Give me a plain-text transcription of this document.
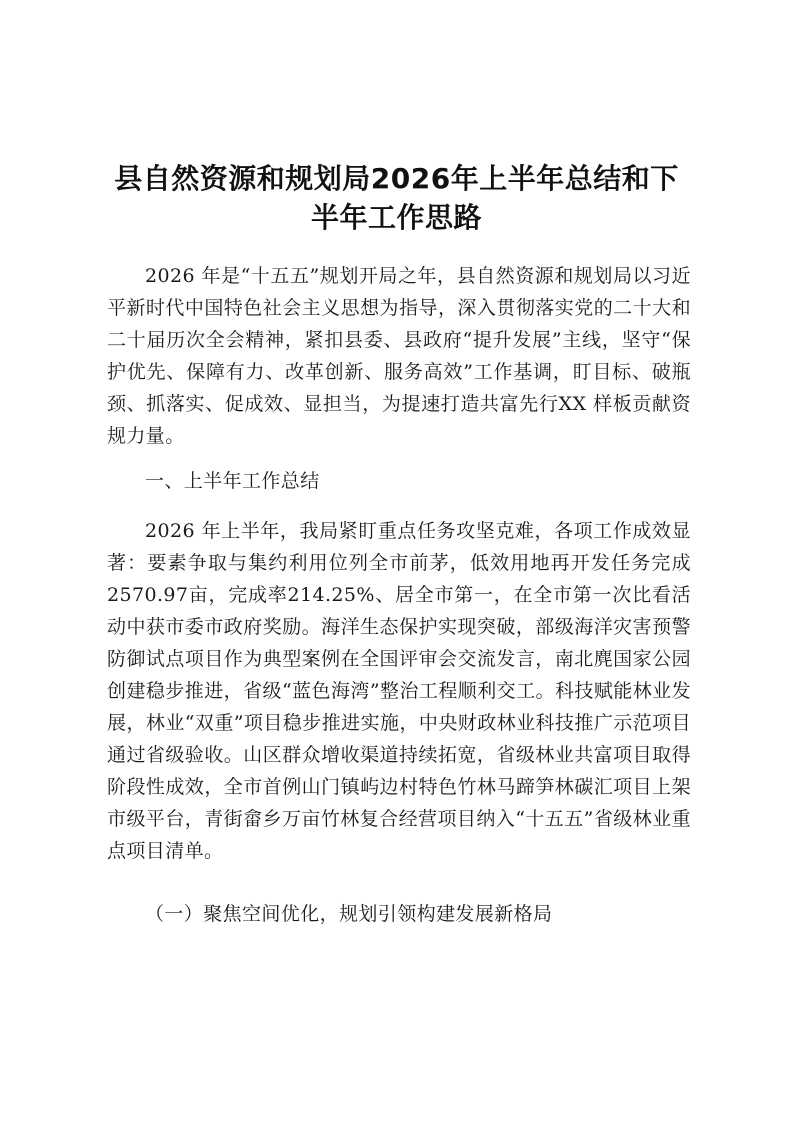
县自然资源和规划局2026年上半年总结和下
半年工作思路

2026 年是“十五五”规划开局之年，县自然资源和规划局以习近平新时代中国特色社会主义思想为指导，深入贯彻落实党的二十大和二十届历次全会精神，紧扣县委、县政府“提升发展”主线，坚守“保护优先、保障有力、改革创新、服务高效”工作基调，盯目标、破瓶颈、抓落实、促成效、显担当，为提速打造共富先行XX 样板贡献资规力量。

一、上半年工作总结

2026 年上半年，我局紧盯重点任务攻坚克难，各项工作成效显著：要素争取与集约利用位列全市前茅，低效用地再开发任务完成2570.97亩，完成率214.25%、居全市第一，在全市第一次比看活动中获市委市政府奖励。海洋生态保护实现突破，部级海洋灾害预警防御试点项目作为典型案例在全国评审会交流发言，南北麂国家公园创建稳步推进，省级“蓝色海湾”整治工程顺利交工。科技赋能林业发展，林业“双重”项目稳步推进实施，中央财政林业科技推广示范项目通过省级验收。山区群众增收渠道持续拓宽，省级林业共富项目取得阶段性成效，全市首例山门镇屿边村特色竹林马蹄笋林碳汇项目上架市级平台，青街畲乡万亩竹林复合经营项目纳入“十五五”省级林业重点项目清单。

（一）聚焦空间优化，规划引领构建发展新格局
